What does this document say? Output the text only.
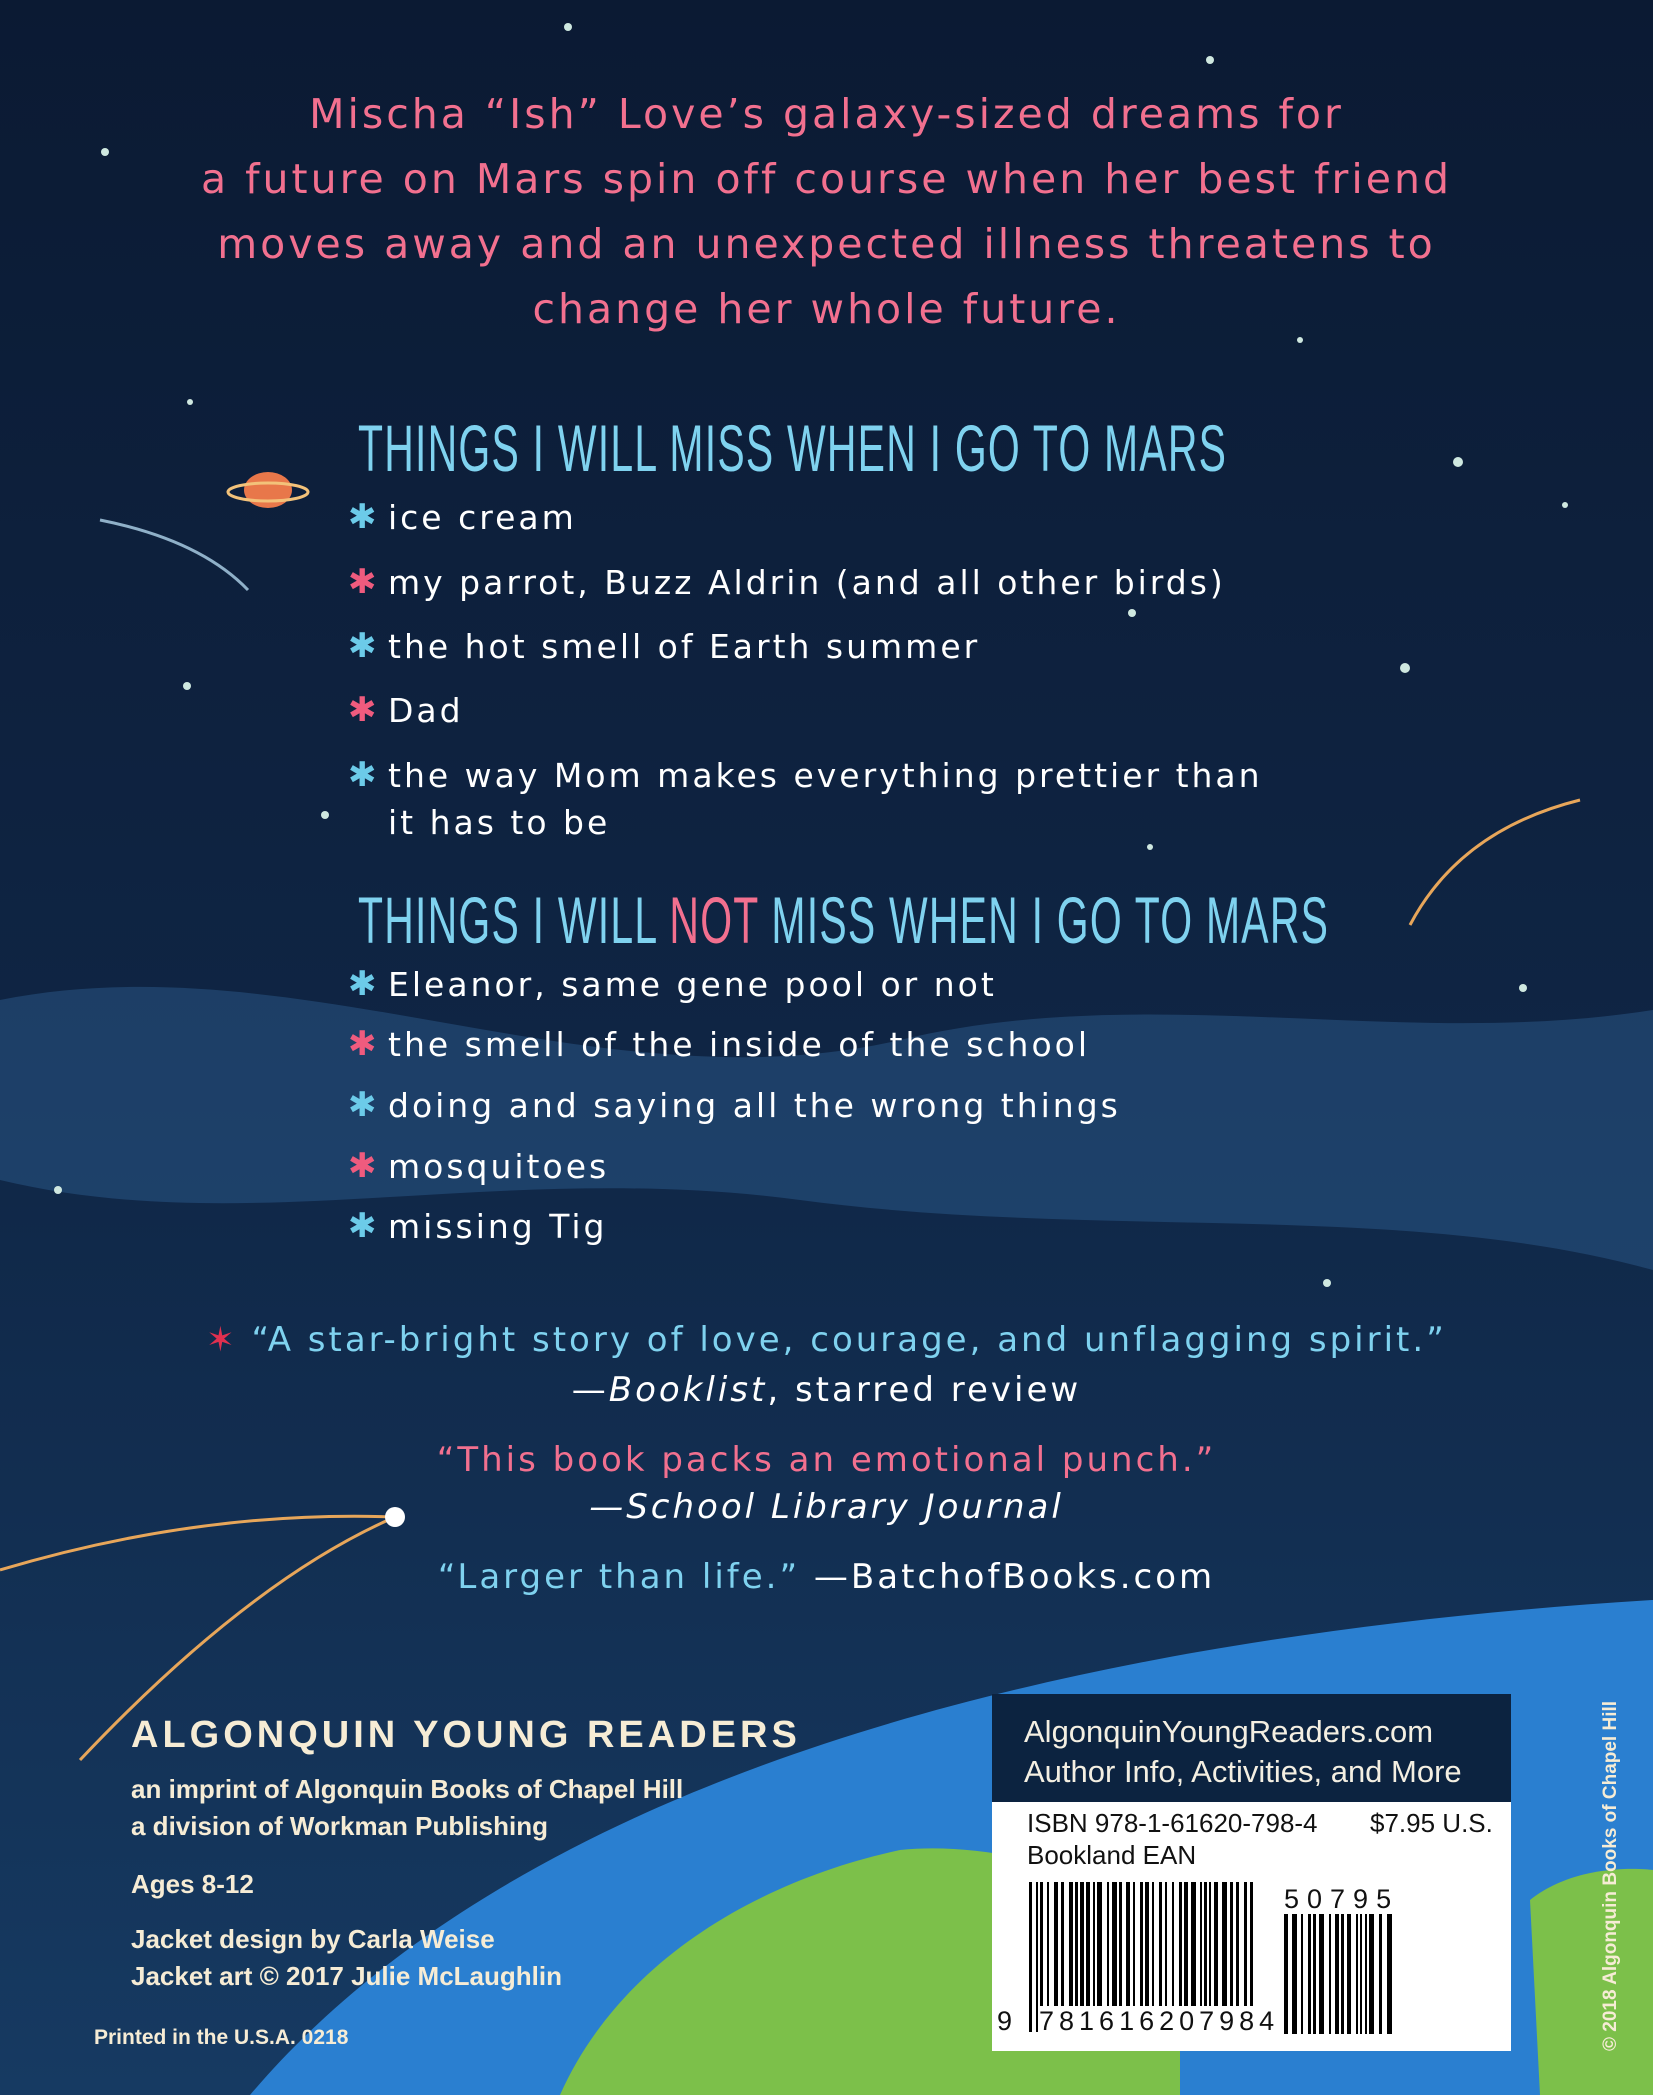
Mischa “Ish” Love’s galaxy-sized dreams for
a future on Mars spin off course when her best friend
moves away and an unexpected illness threatens to
change her whole future.
THINGS I WILL MISS WHEN I GO TO MARS
✱ ice cream
✱ my parrot, Buzz Aldrin (and all other birds)
✱ the hot smell of Earth summer
✱ Dad
✱ the way Mom makes everything prettier than
it has to be
THINGS I WILL NOT MISS WHEN I GO TO MARS
✱ Eleanor, same gene pool or not
✱ the smell of the inside of the school
✱ doing and saying all the wrong things
✱ mosquitoes
✱ missing Tig
✶ “A star-bright story of love, courage, and unflagging spirit.”
—Booklist, starred review
“This book packs an emotional punch.”
—School Library Journal
“Larger than life.” —BatchofBooks.com
ALGONQUIN YOUNG READERS
an imprint of Algonquin Books of Chapel Hill
a division of Workman Publishing
Ages 8-12
Jacket design by Carla Weise
Jacket art © 2017 Julie McLaughlin
Printed in the U.S.A. 0218
AlgonquinYoungReaders.com
Author Info, Activities, and More
ISBN 978-1-61620-798-4 $7.95 U.S.
Bookland EAN
9 781616207984
50795	© 2018 Algonquin Books of Chapel Hill
